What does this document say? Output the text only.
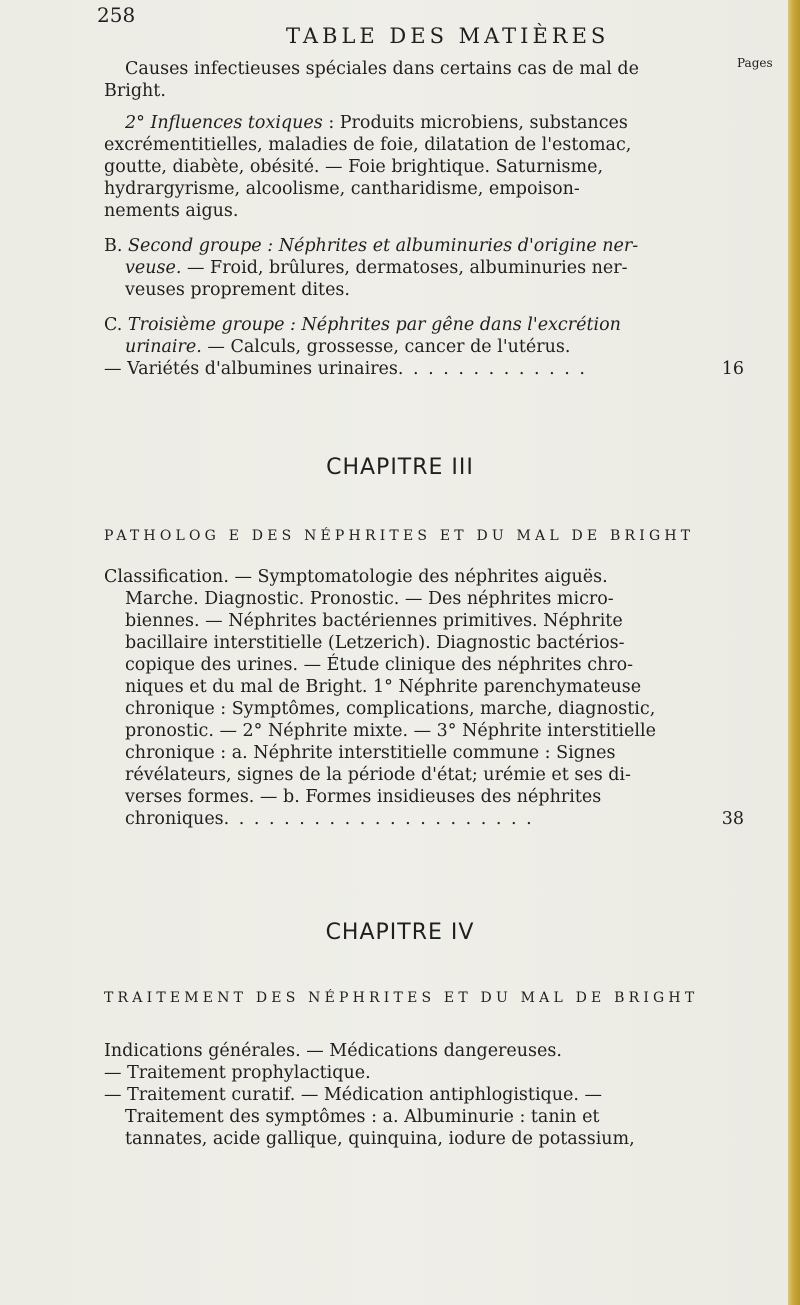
258
TABLE DES MATIÈRES
Pages
Causes infectieuses spéciales dans certains cas de mal de
Bright.
2° Influences toxiques : Produits microbiens, substances
excrémentitielles, maladies de foie, dilatation de l'estomac,
goutte, diabète, obésité. — Foie brightique. Saturnisme,
hydrargyrisme, alcoolisme, cantharidisme, empoison-
nements aigus.
B. Second groupe : Néphrites et albuminuries d'origine ner-
veuse. — Froid, brûlures, dermatoses, albuminuries ner-
veuses proprement dites.
C. Troisième groupe : Néphrites par gêne dans l'excrétion
urinaire. — Calculs, grossesse, cancer de l'utérus.
— Variétés d'albumines urinaires. . . . . . . . . . . . .	16
CHAPITRE III
PATHOLOG E DES NÉPHRITES ET DU MAL DE BRIGHT
Classification. — Symptomatologie des néphrites aiguës.
Marche. Diagnostic. Pronostic. — Des néphrites micro-
biennes. — Néphrites bactériennes primitives. Néphrite
bacillaire interstitielle (Letzerich). Diagnostic bactérios-
copique des urines. — Étude clinique des néphrites chro-
niques et du mal de Bright. 1° Néphrite parenchymateuse
chronique : Symptômes, complications, marche, diagnostic,
pronostic. — 2° Néphrite mixte. — 3° Néphrite interstitielle
chronique : a. Néphrite interstitielle commune : Signes
révélateurs, signes de la période d'état; urémie et ses di-
verses formes. — b. Formes insidieuses des néphrites
chroniques. . . . . . . . . . . . . . . . . . . . .	38
CHAPITRE IV
TRAITEMENT DES NÉPHRITES ET DU MAL DE BRIGHT
Indications générales. — Médications dangereuses.
— Traitement prophylactique.
— Traitement curatif. — Médication antiphlogistique. —
Traitement des symptômes : a. Albuminurie : tanin et
tannates, acide gallique, quinquina, iodure de potassium,
